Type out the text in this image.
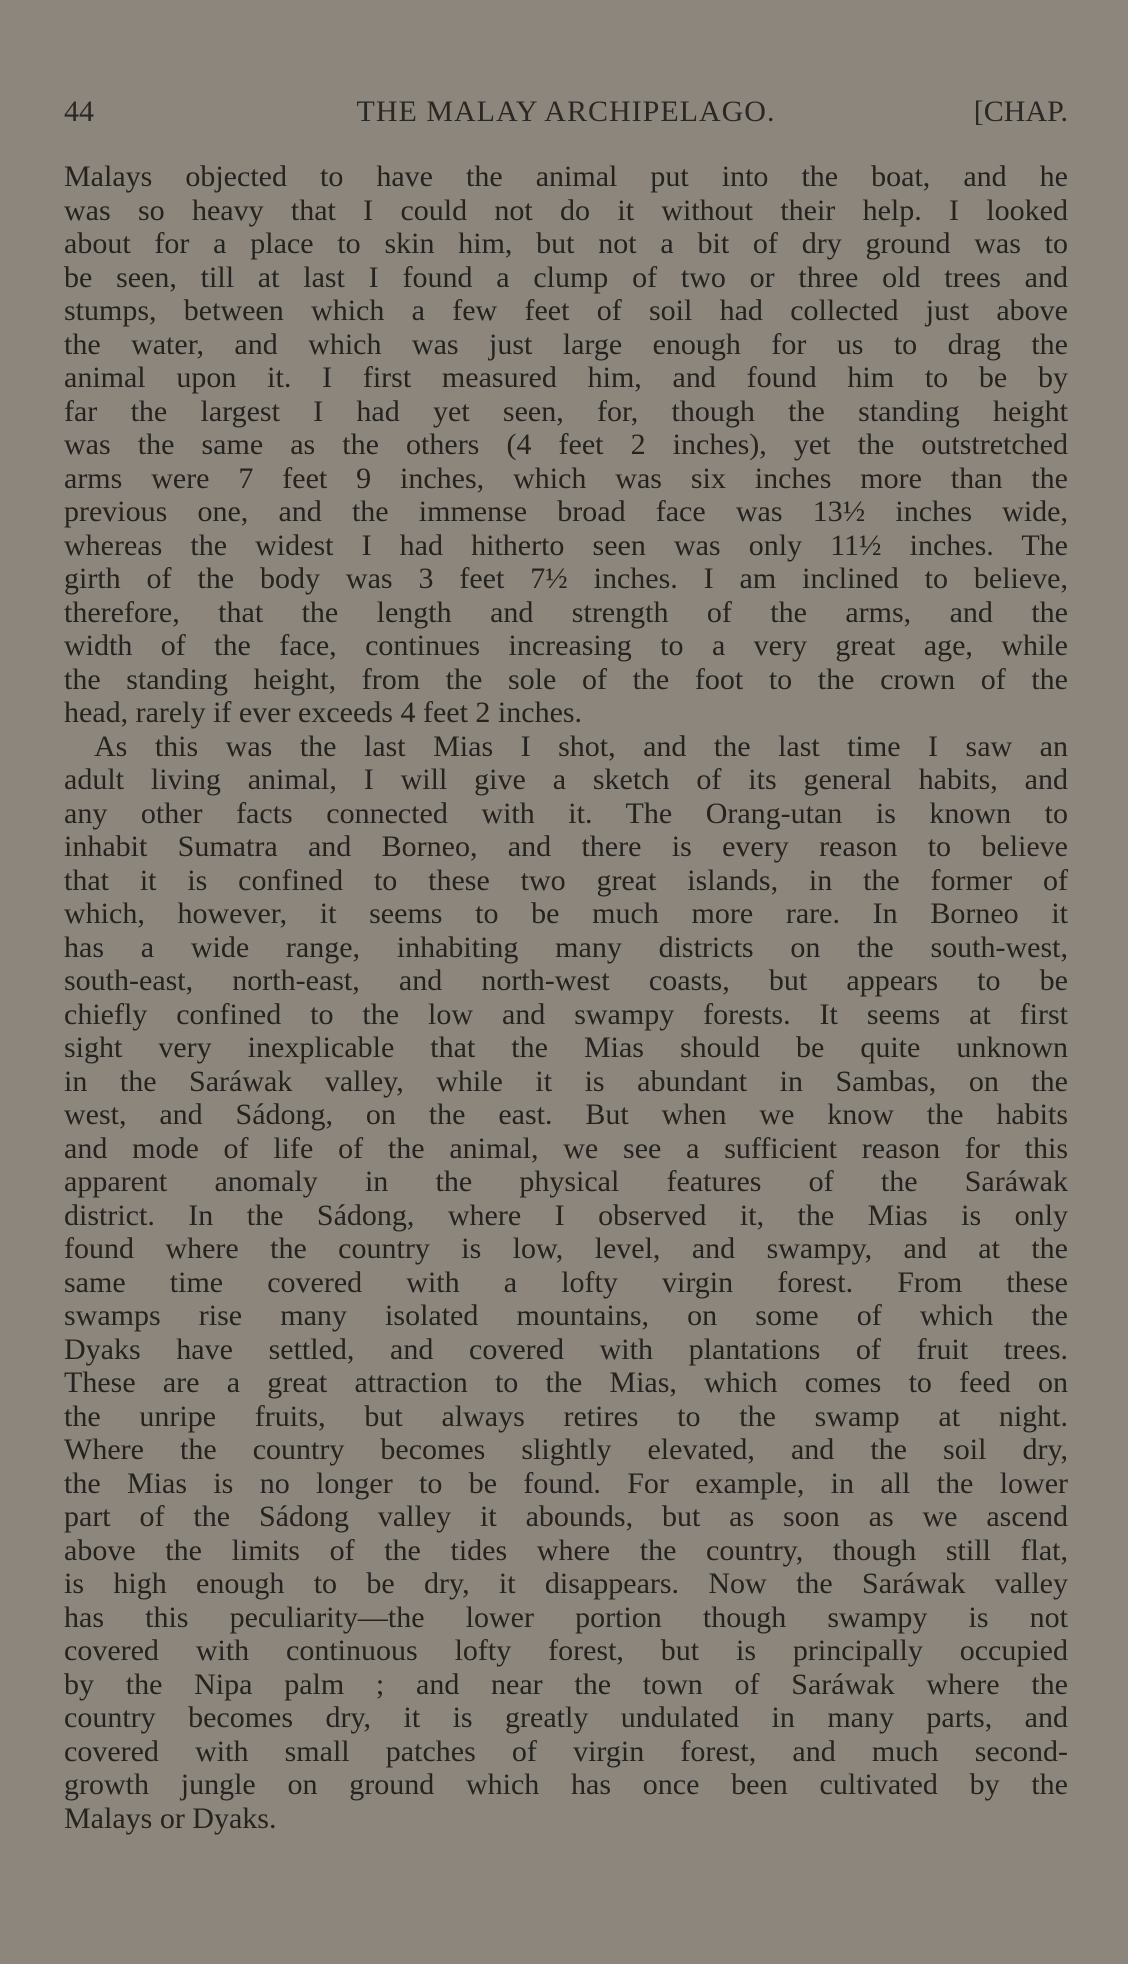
44	THE MALAY ARCHIPELAGO.	[CHAP.
Malays objected to have the animal put into the boat, and he
was so heavy that I could not do it without their help. I looked
about for a place to skin him, but not a bit of dry ground was to
be seen, till at last I found a clump of two or three old trees and
stumps, between which a few feet of soil had collected just above
the water, and which was just large enough for us to drag the
animal upon it. I first measured him, and found him to be by
far the largest I had yet seen, for, though the standing height
was the same as the others (4 feet 2 inches), yet the outstretched
arms were 7 feet 9 inches, which was six inches more than the
previous one, and the immense broad face was 13½ inches wide,
whereas the widest I had hitherto seen was only 11½ inches. The
girth of the body was 3 feet 7½ inches. I am inclined to believe,
therefore, that the length and strength of the arms, and the
width of the face, continues increasing to a very great age, while
the standing height, from the sole of the foot to the crown of the
head, rarely if ever exceeds 4 feet 2 inches.
As this was the last Mias I shot, and the last time I saw an
adult living animal, I will give a sketch of its general habits, and
any other facts connected with it. The Orang-utan is known to
inhabit Sumatra and Borneo, and there is every reason to believe
that it is confined to these two great islands, in the former of
which, however, it seems to be much more rare. In Borneo it
has a wide range, inhabiting many districts on the south-west,
south-east, north-east, and north-west coasts, but appears to be
chiefly confined to the low and swampy forests. It seems at first
sight very inexplicable that the Mias should be quite unknown
in the Saráwak valley, while it is abundant in Sambas, on the
west, and Sádong, on the east. But when we know the habits
and mode of life of the animal, we see a sufficient reason for this
apparent anomaly in the physical features of the Saráwak
district. In the Sádong, where I observed it, the Mias is only
found where the country is low, level, and swampy, and at the
same time covered with a lofty virgin forest. From these
swamps rise many isolated mountains, on some of which the
Dyaks have settled, and covered with plantations of fruit trees.
These are a great attraction to the Mias, which comes to feed on
the unripe fruits, but always retires to the swamp at night.
Where the country becomes slightly elevated, and the soil dry,
the Mias is no longer to be found. For example, in all the lower
part of the Sádong valley it abounds, but as soon as we ascend
above the limits of the tides where the country, though still flat,
is high enough to be dry, it disappears. Now the Saráwak valley
has this peculiarity—the lower portion though swampy is not
covered with continuous lofty forest, but is principally occupied
by the Nipa palm ; and near the town of Saráwak where the
country becomes dry, it is greatly undulated in many parts, and
covered with small patches of virgin forest, and much second-
growth jungle on ground which has once been cultivated by the
Malays or Dyaks.
